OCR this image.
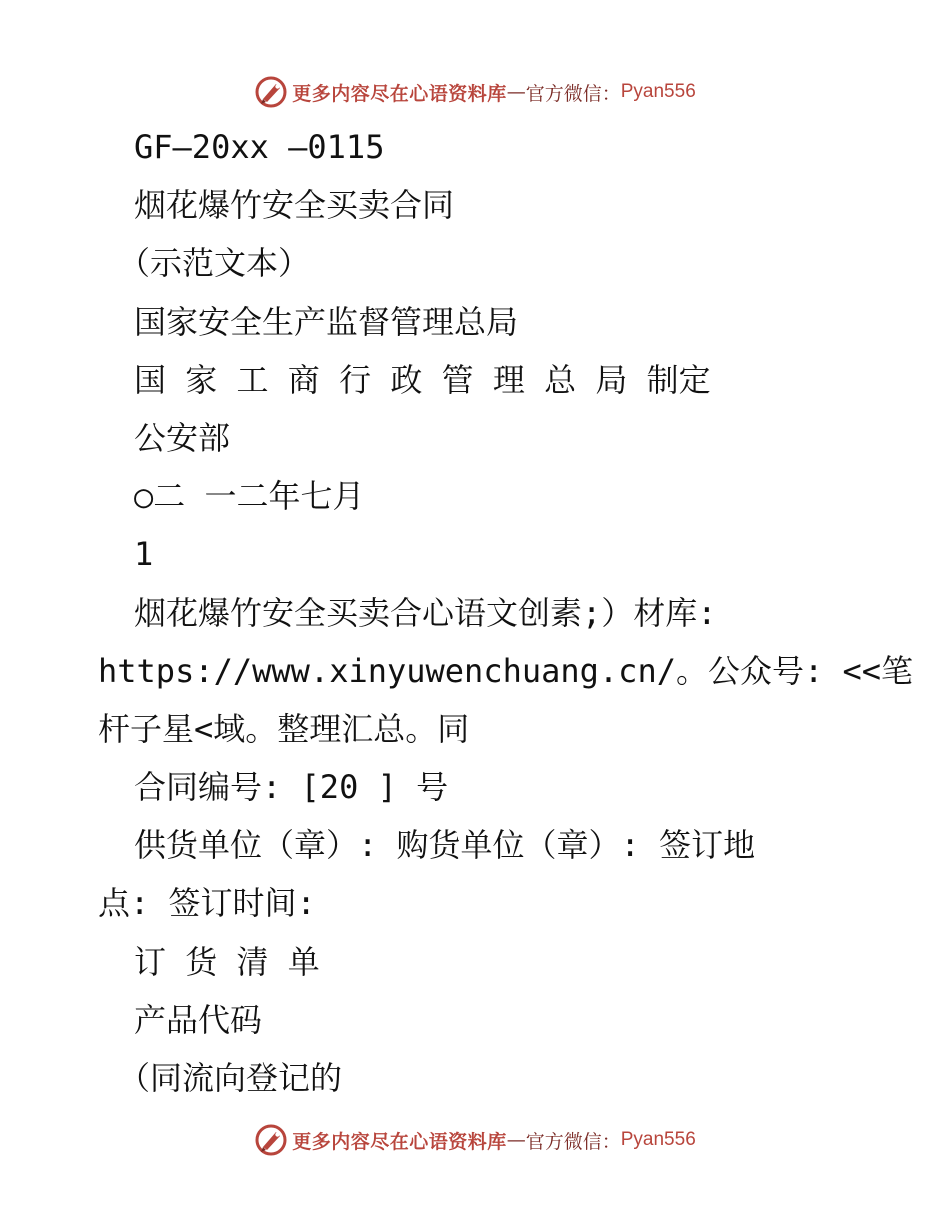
更多内容尽在心语资料库 — 官方微信： Pyan556
GF—20xx —0115
烟花爆竹安全买卖合同
（示范文本）
国家安全生产监督管理总局
国 家 工 商 行 政 管 理 总 局 制定
公安部
○二 一二年七月
1
烟花爆竹安全买卖合心语文创素;）材库:
https://www.xinyuwenchuang.cn/。公众号: <<笔
杆子星<域。整理汇总。同
合同编号: [20 ] 号
供货单位（章）: 购货单位（章）: 签订地
点: 签订时间:
订 货 清 单
产品代码
（同流向登记的
更多内容尽在心语资料库 — 官方微信： Pyan556
